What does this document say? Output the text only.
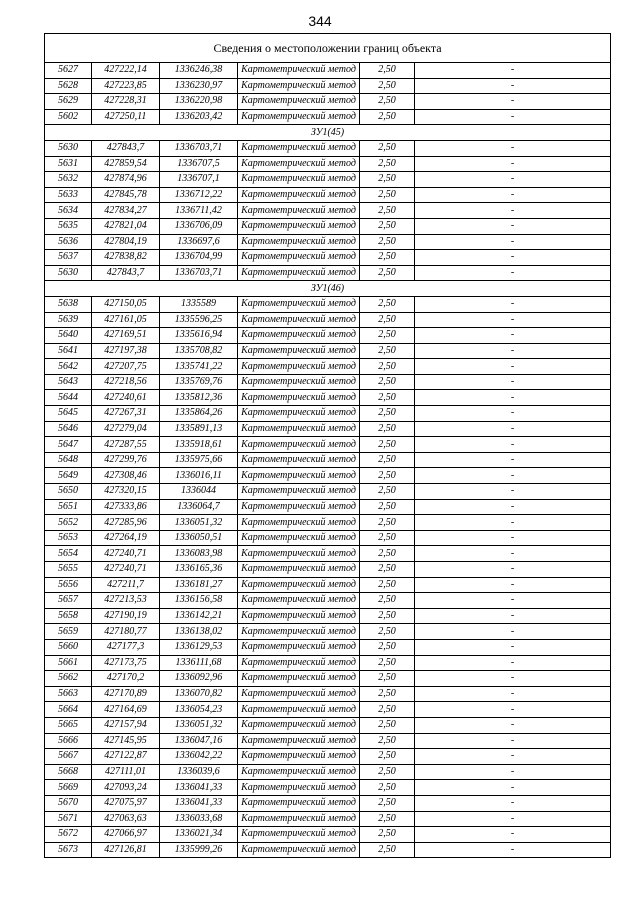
344
Сведения о местоположении границ объекта					
5627	427222,14	1336246,38	Картометрический метод	2,50	-
5628	427223,85	1336230,97	Картометрический метод	2,50	-
5629	427228,31	1336220,98	Картометрический метод	2,50	-
5602	427250,11	1336203,42	Картометрический метод	2,50	-
ЗУ1(45)					
5630	427843,7	1336703,71	Картометрический метод	2,50	-
5631	427859,54	1336707,5	Картометрический метод	2,50	-
5632	427874,96	1336707,1	Картометрический метод	2,50	-
5633	427845,78	1336712,22	Картометрический метод	2,50	-
5634	427834,27	1336711,42	Картометрический метод	2,50	-
5635	427821,04	1336706,09	Картометрический метод	2,50	-
5636	427804,19	1336697,6	Картометрический метод	2,50	-
5637	427838,82	1336704,99	Картометрический метод	2,50	-
5630	427843,7	1336703,71	Картометрический метод	2,50	-
ЗУ1(46)					
5638	427150,05	1335589	Картометрический метод	2,50	-
5639	427161,05	1335596,25	Картометрический метод	2,50	-
5640	427169,51	1335616,94	Картометрический метод	2,50	-
5641	427197,38	1335708,82	Картометрический метод	2,50	-
5642	427207,75	1335741,22	Картометрический метод	2,50	-
5643	427218,56	1335769,76	Картометрический метод	2,50	-
5644	427240,61	1335812,36	Картометрический метод	2,50	-
5645	427267,31	1335864,26	Картометрический метод	2,50	-
5646	427279,04	1335891,13	Картометрический метод	2,50	-
5647	427287,55	1335918,61	Картометрический метод	2,50	-
5648	427299,76	1335975,66	Картометрический метод	2,50	-
5649	427308,46	1336016,11	Картометрический метод	2,50	-
5650	427320,15	1336044	Картометрический метод	2,50	-
5651	427333,86	1336064,7	Картометрический метод	2,50	-
5652	427285,96	1336051,32	Картометрический метод	2,50	-
5653	427264,19	1336050,51	Картометрический метод	2,50	-
5654	427240,71	1336083,98	Картометрический метод	2,50	-
5655	427240,71	1336165,36	Картометрический метод	2,50	-
5656	427211,7	1336181,27	Картометрический метод	2,50	-
5657	427213,53	1336156,58	Картометрический метод	2,50	-
5658	427190,19	1336142,21	Картометрический метод	2,50	-
5659	427180,77	1336138,02	Картометрический метод	2,50	-
5660	427177,3	1336129,53	Картометрический метод	2,50	-
5661	427173,75	1336111,68	Картометрический метод	2,50	-
5662	427170,2	1336092,96	Картометрический метод	2,50	-
5663	427170,89	1336070,82	Картометрический метод	2,50	-
5664	427164,69	1336054,23	Картометрический метод	2,50	-
5665	427157,94	1336051,32	Картометрический метод	2,50	-
5666	427145,95	1336047,16	Картометрический метод	2,50	-
5667	427122,87	1336042,22	Картометрический метод	2,50	-
5668	427111,01	1336039,6	Картометрический метод	2,50	-
5669	427093,24	1336041,33	Картометрический метод	2,50	-
5670	427075,97	1336041,33	Картометрический метод	2,50	-
5671	427063,63	1336033,68	Картометрический метод	2,50	-
5672	427066,97	1336021,34	Картометрический метод	2,50	-
5673	427126,81	1335999,26	Картометрический метод	2,50	-
